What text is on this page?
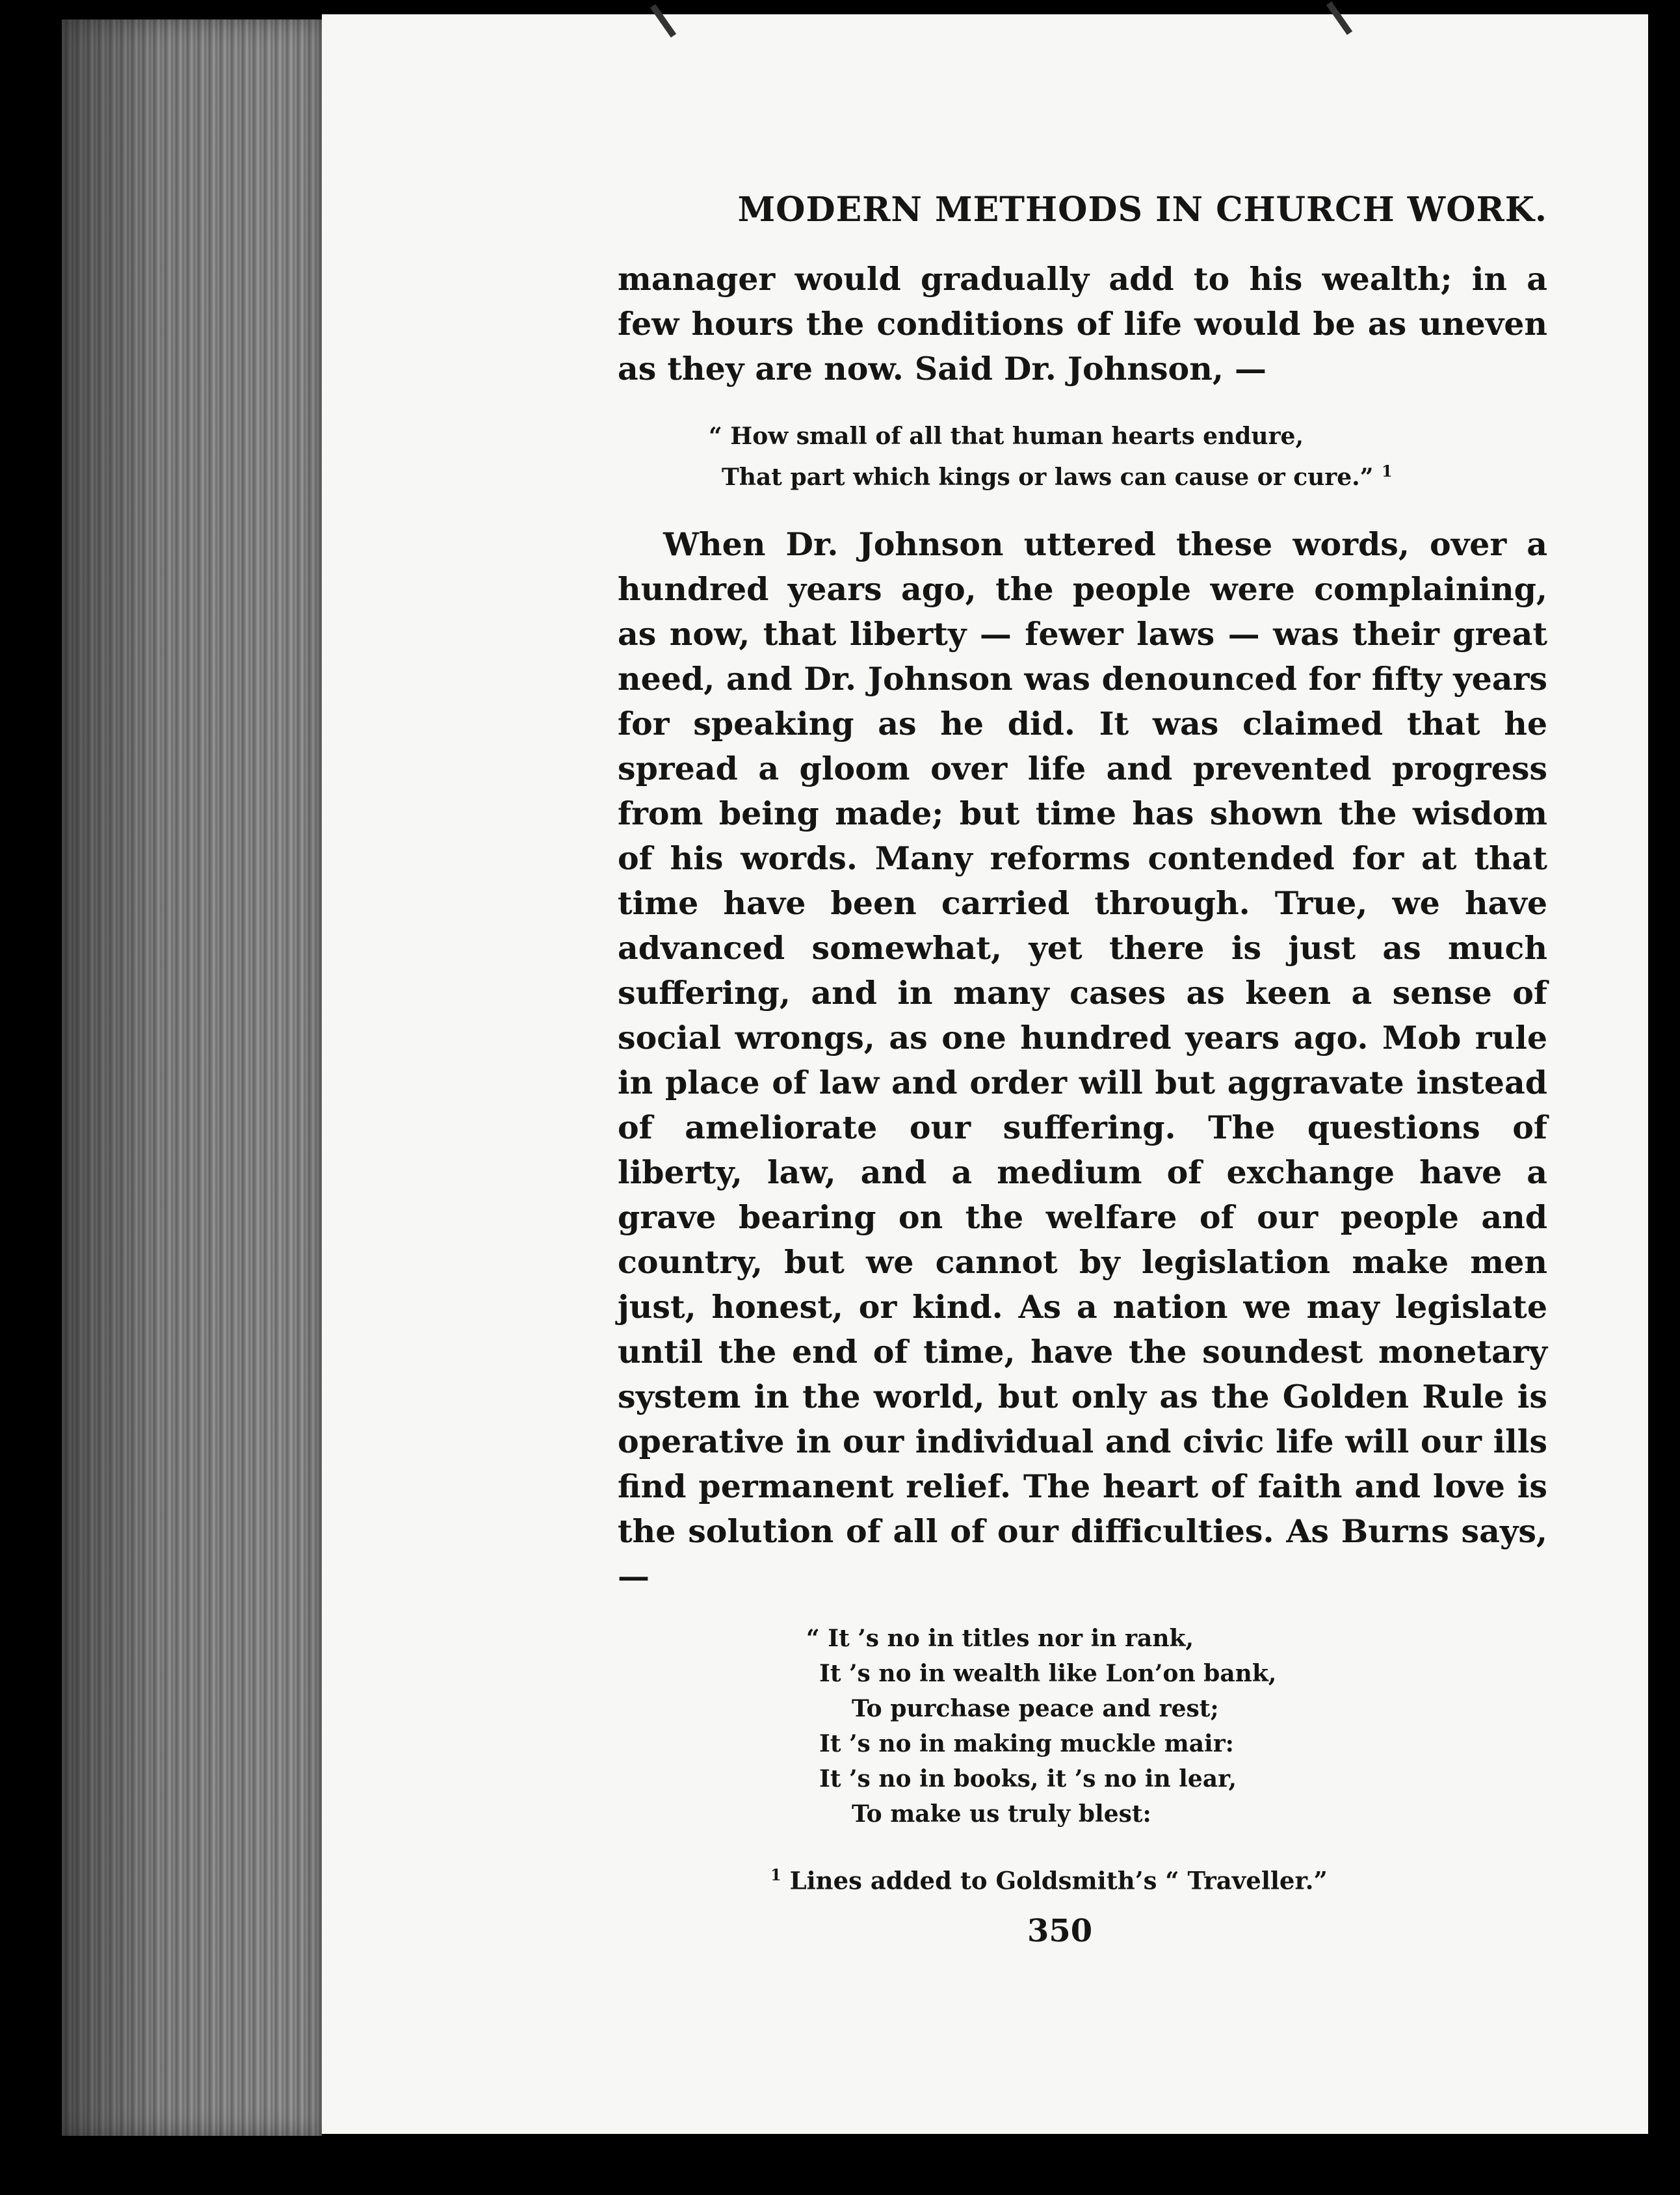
MODERN METHODS IN CHURCH WORK.

manager would gradually add to his wealth; in a few hours the conditions of life would be as uneven as they are now. Said Dr. Johnson, —

“ How small of all that human hearts endure,
That part which kings or laws can cause or cure.” $^1$

When Dr. Johnson uttered these words, over a hundred years ago, the people were complaining, as now, that liberty — fewer laws — was their great need, and Dr. Johnson was denounced for fifty years for speaking as he did. It was claimed that he spread a gloom over life and prevented progress from being made; but time has shown the wisdom of his words. Many reforms contended for at that time have been carried through. True, we have advanced somewhat, yet there is just as much suffering, and in many cases as keen a sense of social wrongs, as one hundred years ago. Mob rule in place of law and order will but aggravate instead of ameliorate our suffering. The questions of liberty, law, and a medium of exchange have a grave bearing on the welfare of our people and country, but we cannot by legislation make men just, honest, or kind. As a nation we may legislate until the end of time, have the soundest monetary system in the world, but only as the Golden Rule is operative in our individual and civic life will our ills find permanent relief. The heart of faith and love is the solution of all of our difficulties. As Burns says, —

“ It ’s no in titles nor in rank,
It ’s no in wealth like Lon’on bank,
To purchase peace and rest;
It ’s no in making muckle mair:
It ’s no in books, it ’s no in lear,
To make us truly blest:
$^1$ Lines added to Goldsmith’s “ Traveller.”
350
